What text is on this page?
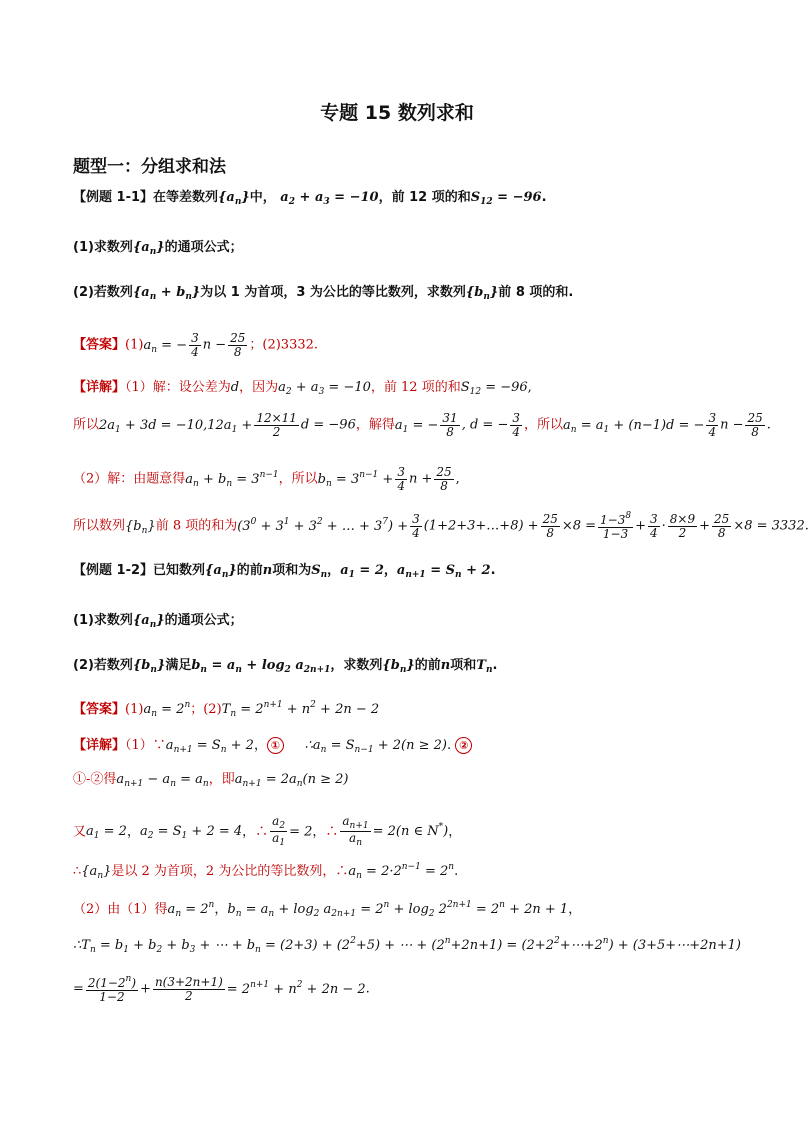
专题 15 数列求和
题型一：分组求和法
【例题 1-1】在等差数列$\{a_n\}$中， $a_2 + a_3 = -10$，前 12 项的和$S_{12} = -96$.
(1)求数列$\{a_n\}$的通项公式；
(2)若数列$\{a_n + b_n\}$为以 1 为首项，3 为公比的等比数列，求数列$\{b_n\}$前 8 项的和.
【答案】$(1)a_n$ = − $\frac{3}{4}$ $n - \frac{25}{8}$ ；(2)3332.
【详解】（1）解：设公差为d，因为$a_2 + a_3 = -10$，前 12 项的和$S_{12} = -96$,
所以$2a_1 + 3d = -10,12a_1 + \frac{12\times 11}{2}$ d = −96，解得$a_1$ = − $\frac{31}{8}$ , d = − $\frac{3}{4}$ ，所以$a_n = a_1 + (n-1)d$ = − $\frac{3}{4}$ $n - \frac{25}{8}$ .
（2）解：由题意得$a_n + b_n = 3^{n-1}$，所以$b_n = 3^{n-1} + \frac{3}{4}$ $n + \frac{25}{8}$ ,
所以数列$\{b_n\}$前 8 项的和为($3^0 + 3^1 + 3^2$ + … + $3^7) + \frac{3}{4}$ (1+2+3+…+8) + $\frac{25}{8} \times 8 = \frac{1-3^8}{1-3} + \frac{3}{4} \cdot \frac{8\times 9}{2} + \frac{25}{8} \times 8 = 3332$.
【例题 1-2】已知数列$\{a_n\}$的前n项和为$S_n$，$a_1 = 2$，$a_{n+1} = S_n + 2$.
(1)求数列$\{a_n\}$的通项公式；
(2)若数列$\{b_n\}$满足$b_n = a_n + \log_2 a_{2n+1}$，求数列$\{b_n\}$的前n项和$T_n$.
【答案】$(1)a_n = 2^n$；$(2)T_n = 2^{n+1} + n^2 + 2n - 2$
【详解】$(1)\because a_{n+1} = S_n + 2$， ① $\therefore a_n = S_{n-1} + 2(n \ge 2)$. ②
①-②得$a_{n+1} - a_n = a_n$，即$a_{n+1} = 2a_n(n \ge 2)$
又$a_1 = 2$，$a_2 = S_1 + 2 = 4$，∴ $\frac{a_2}{a_1} = 2$，∴ $\frac{a_{n+1}}{a_n} = 2(n$ ∈ N*)，
$\therefore\{a_n\}$是以 2 为首项，2 为公比的等比数列，$\therefore a_n = 2\cdot 2^{n-1} = 2^n$.
（2）由（1）得$a_n = 2^n$，$b_n = a_n + \log_2 a_{2n+1} = 2^n + \log_2 2^{2n+1} = 2^n + 2n + 1$，
$\therefore T_n = b_1 + b_2 + b_3$ + ⋯ + $b_n = (2+3) + (2^2+5)$ + ⋯ + $(2^n+2n+1)$ = $(2+2^2+\cdots+2^n)$ + (3+5+⋯+2n+1)
= $\frac{2(1-2^n)}{1-2} + \frac{n(3+2n+1)}{2} = 2^{n+1} + n^2 + 2n - 2$.
